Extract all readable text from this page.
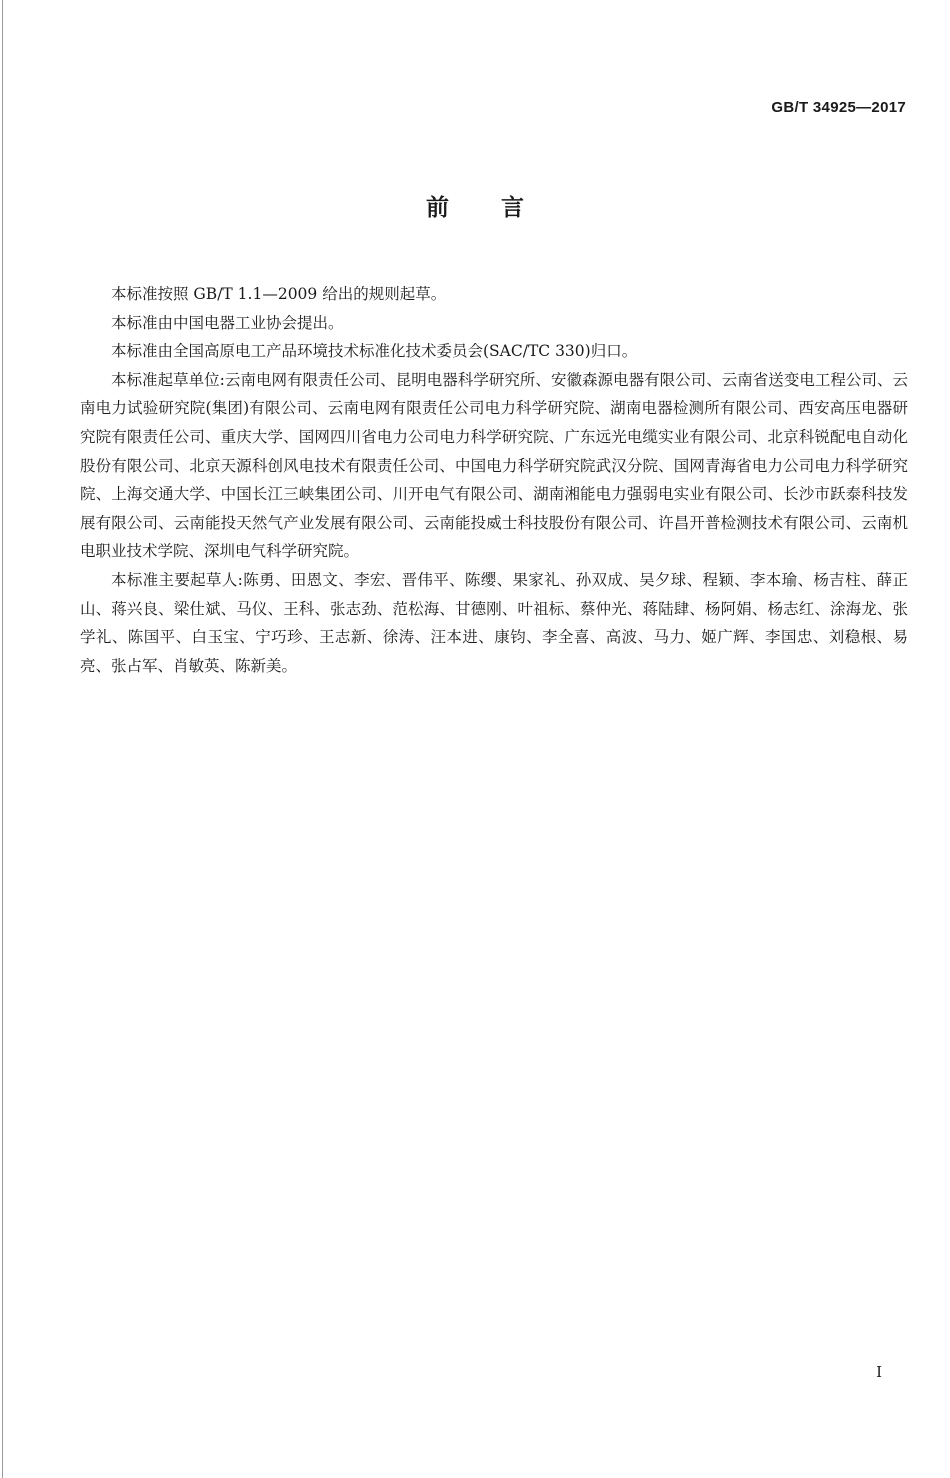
GB/T 34925—2017
前言

本标准按照 GB/T 1.1—2009 给出的规则起草。

本标准由中国电器工业协会提出。

本标准由全国高原电工产品环境技术标准化技术委员会(SAC/TC 330)归口。

本标准起草单位:云南电网有限责任公司、昆明电器科学研究所、安徽森源电器有限公司、云南省送变电工程公司、云南电力试验研究院(集团)有限公司、云南电网有限责任公司电力科学研究院、湖南电器检测所有限公司、西安高压电器研究院有限责任公司、重庆大学、国网四川省电力公司电力科学研究院、广东远光电缆实业有限公司、北京科锐配电自动化股份有限公司、北京天源科创风电技术有限责任公司、中国电力科学研究院武汉分院、国网青海省电力公司电力科学研究院、上海交通大学、中国长江三峡集团公司、川开电气有限公司、湖南湘能电力强弱电实业有限公司、长沙市跃泰科技发展有限公司、云南能投天然气产业发展有限公司、云南能投威士科技股份有限公司、许昌开普检测技术有限公司、云南机电职业技术学院、深圳电气科学研究院。

本标准主要起草人:陈勇、田恩文、李宏、晋伟平、陈缨、果家礼、孙双成、吴夕球、程颖、李本瑜、杨吉柱、薛正山、蒋兴良、梁仕斌、马仪、王科、张志劲、范松海、甘德刚、叶祖标、蔡仲光、蒋陆肆、杨阿娟、杨志红、涂海龙、张学礼、陈国平、白玉宝、宁巧珍、王志新、徐涛、汪本进、康钧、李全喜、高波、马力、姬广辉、李国忠、刘稳根、易亮、张占军、肖敏英、陈新美。

I
